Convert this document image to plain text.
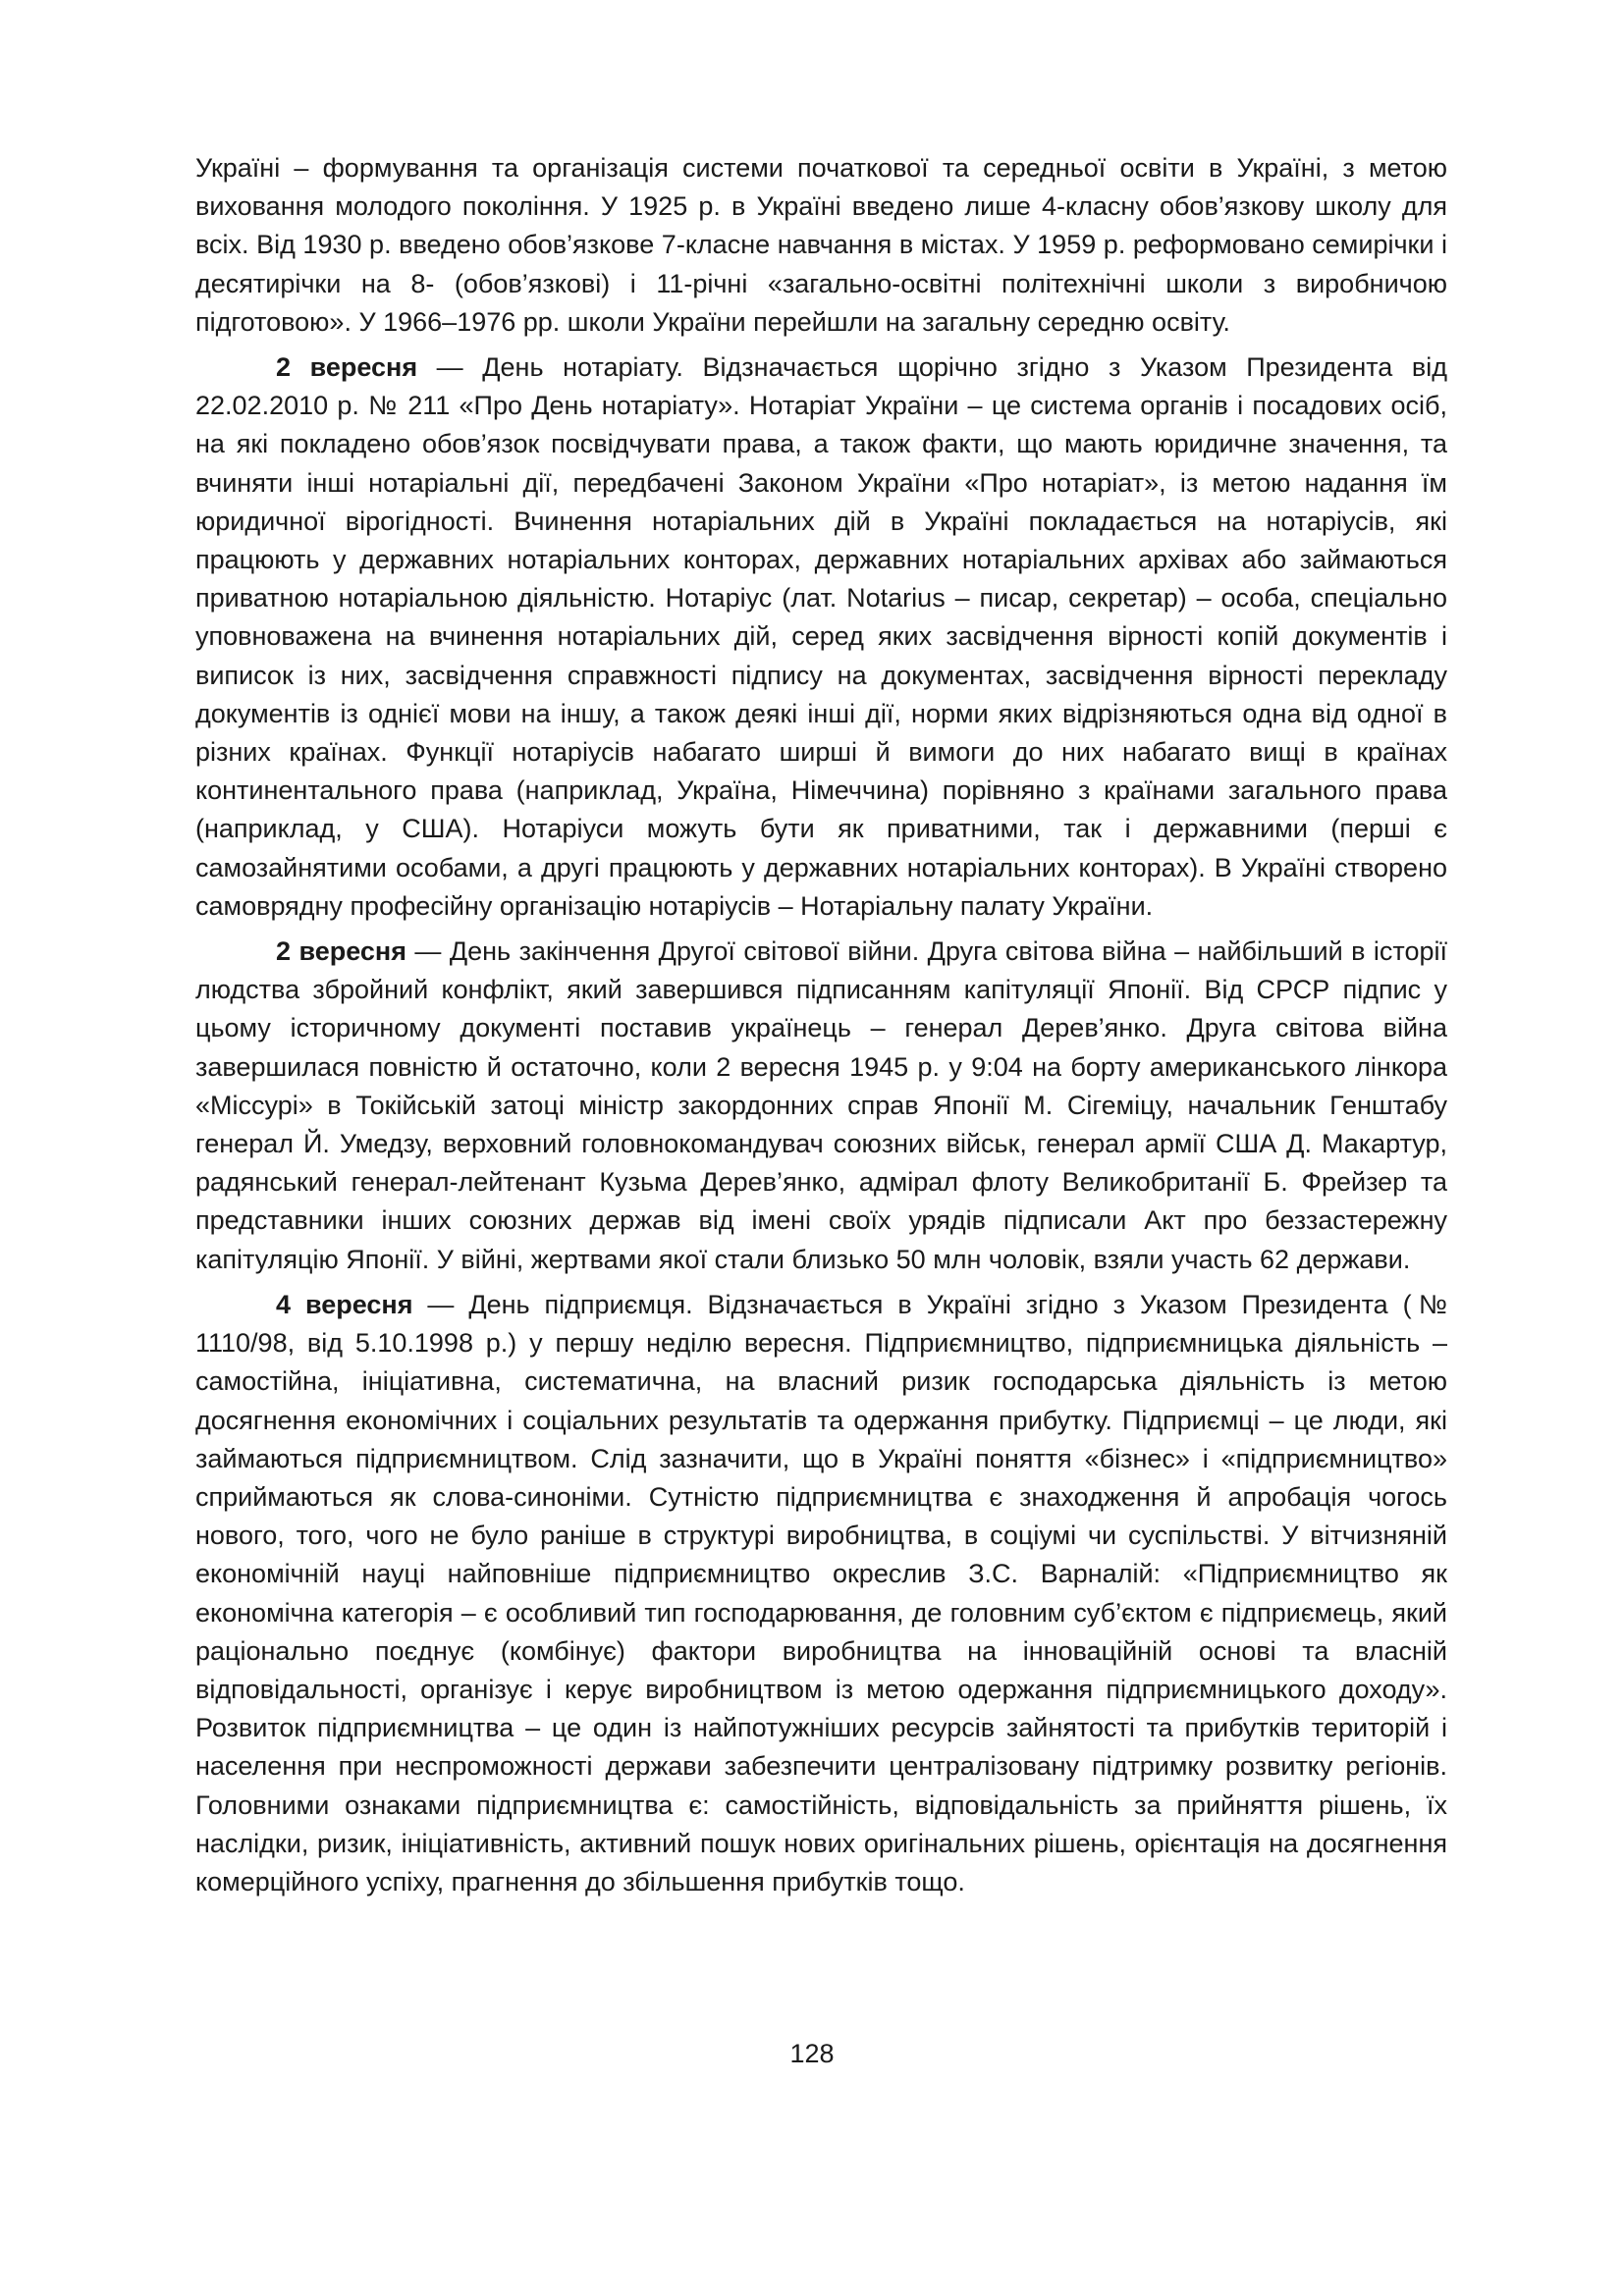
Україні – формування та організація системи початкової та середньої освіти в Україні, з метою виховання молодого покоління. У 1925 р. в Україні введено лише 4-класну обов’язкову школу для всіх. Від 1930 р. введено обов’язкове 7-класне навчання в містах. У 1959 р. реформовано семирічки і десятирічки на 8- (обов’язкові) і 11-річні «загально-освітні політехнічні школи з виробничою підготовою». У 1966–1976 рр. школи України перейшли на загальну середню освіту.

2 вересня — День нотаріату. Відзначається щорічно згідно з Указом Президента від 22.02.2010 р. № 211 «Про День нотаріату». Нотаріат України – це система органів і посадових осіб, на які покладено обов’язок посвідчувати права, а також факти, що мають юридичне значення, та вчиняти інші нотаріальні дії, передбачені Законом України «Про нотаріат», із метою надання їм юридичної вірогідності. Вчинення нотаріальних дій в Україні покладається на нотаріусів, які працюють у державних нотаріальних конторах, державних нотаріальних архівах або займаються приватною нотаріальною діяльністю. Нотаріус (лат. Notarius – писар, секретар) – особа, спеціально уповноважена на вчинення нотаріальних дій, серед яких засвідчення вірності копій документів і виписок із них, засвідчення справжності підпису на документах, засвідчення вірності перекладу документів із однієї мови на іншу, а також деякі інші дії, норми яких відрізняються одна від одної в різних країнах. Функції нотаріусів набагато ширші й вимоги до них набагато вищі в країнах континентального права (наприклад, Україна, Німеччина) порівняно з країнами загального права (наприклад, у США). Нотаріуси можуть бути як приватними, так і державними (перші є самозайнятими особами, а другі працюють у державних нотаріальних конторах). В Україні створено самоврядну професійну організацію нотаріусів – Нотаріальну палату України.

2 вересня — День закінчення Другої світової війни. Друга світова війна – найбільший в історії людства збройний конфлікт, який завершився підписанням капітуляції Японії. Від СРСР підпис у цьому історичному документі поставив українець – генерал Дерев’янко. Друга світова війна завершилася повністю й остаточно, коли 2 вересня 1945 р. у 9:04 на борту американського лінкора «Міссурі» в Токійській затоці міністр закордонних справ Японії М. Сігеміцу, начальник Генштабу генерал Й. Умедзу, верховний головнокомандувач союзних військ, генерал армії США Д. Макартур, радянський генерал-лейтенант Кузьма Дерев’янко, адмірал флоту Великобританії Б. Фрейзер та представники інших союзних держав від імені своїх урядів підписали Акт про беззастережну капітуляцію Японії. У війні, жертвами якої стали близько 50 млн чоловік, взяли участь 62 держави.

4 вересня — День підприємця. Відзначається в Україні згідно з Указом Президента (№ 1110/98, від 5.10.1998 р.) у першу неділю вересня. Підприємництво, підприємницька діяльність – самостійна, ініціативна, систематична, на власний ризик господарська діяльність із метою досягнення економічних і соціальних результатів та одержання прибутку. Підприємці – це люди, які займаються підприємництвом. Слід зазначити, що в Україні поняття «бізнес» і «підприємництво» сприймаються як слова-синоніми. Сутністю підприємництва є знаходження й апробація чогось нового, того, чого не було раніше в структурі виробництва, в соціумі чи суспільстві. У вітчизняній економічній науці найповніше підприємництво окреслив З.С. Варналій: «Підприємництво як економічна категорія – є особливий тип господарювання, де головним суб’єктом є підприємець, який раціонально поєднує (комбінує) фактори виробництва на інноваційній основі та власній відповідальності, організує і керує виробництвом із метою одержання підприємницького доходу». Розвиток підприємництва – це один із найпотужніших ресурсів зайнятості та прибутків територій і населення при неспроможності держави забезпечити централізовану підтримку розвитку регіонів. Головними ознаками підприємництва є: самостійність, відповідальність за прийняття рішень, їх наслідки, ризик, ініціативність, активний пошук нових оригінальних рішень, орієнтація на досягнення комерційного успіху, прагнення до збільшення прибутків тощо.

128
